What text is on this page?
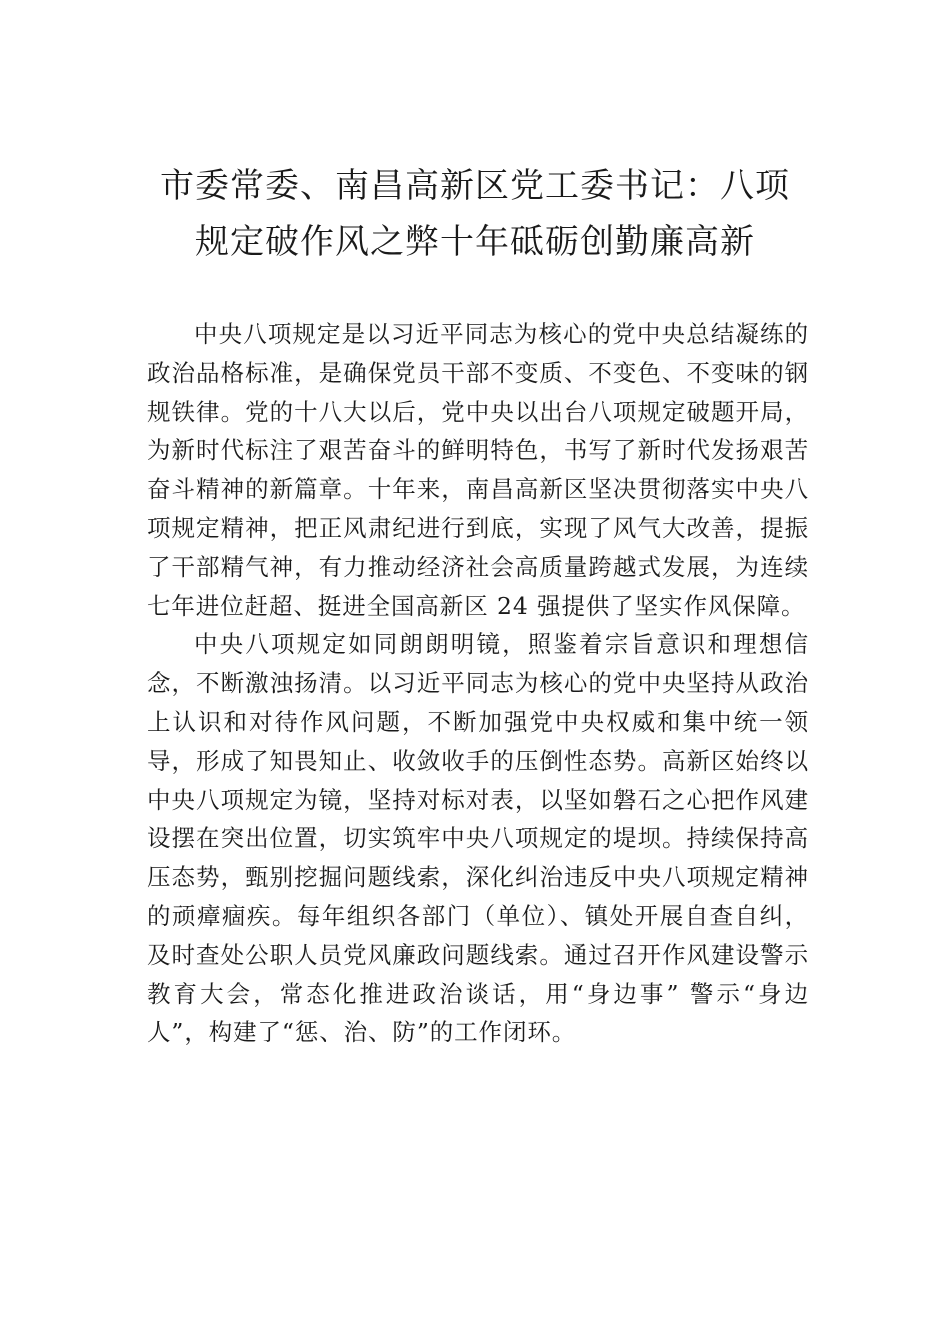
市委常委、南昌高新区党工委书记：八项
规定破作风之弊十年砥砺创勤廉高新

中央八项规定是以习近平同志为核心的党中央总结凝练的政治品格标准，是确保党员干部不变质、不变色、不变味的钢规铁律。党的十八大以后，党中央以出台八项规定破题开局，为新时代标注了艰苦奋斗的鲜明特色，书写了新时代发扬艰苦奋斗精神的新篇章。十年来，南昌高新区坚决贯彻落实中央八项规定精神，把正风肃纪进行到底，实现了风气大改善，提振了干部精气神，有力推动经济社会高质量跨越式发展，为连续七年进位赶超、挺进全国高新区 24 强提供了坚实作风保障。

中央八项规定如同朗朗明镜，照鉴着宗旨意识和理想信念，不断激浊扬清。以习近平同志为核心的党中央坚持从政治上认识和对待作风问题，不断加强党中央权威和集中统一领导，形成了知畏知止、收敛收手的压倒性态势。高新区始终以中央八项规定为镜，坚持对标对表，以坚如磐石之心把作风建设摆在突出位置，切实筑牢中央八项规定的堤坝。持续保持高压态势，甄别挖掘问题线索，深化纠治违反中央八项规定精神的顽瘴痼疾。每年组织各部门（单位）、镇处开展自查自纠，及时查处公职人员党风廉政问题线索。通过召开作风建设警示教育大会，常态化推进政治谈话，用“身边事” 警示“身边人”，构建了“惩、治、防”的工作闭环。
